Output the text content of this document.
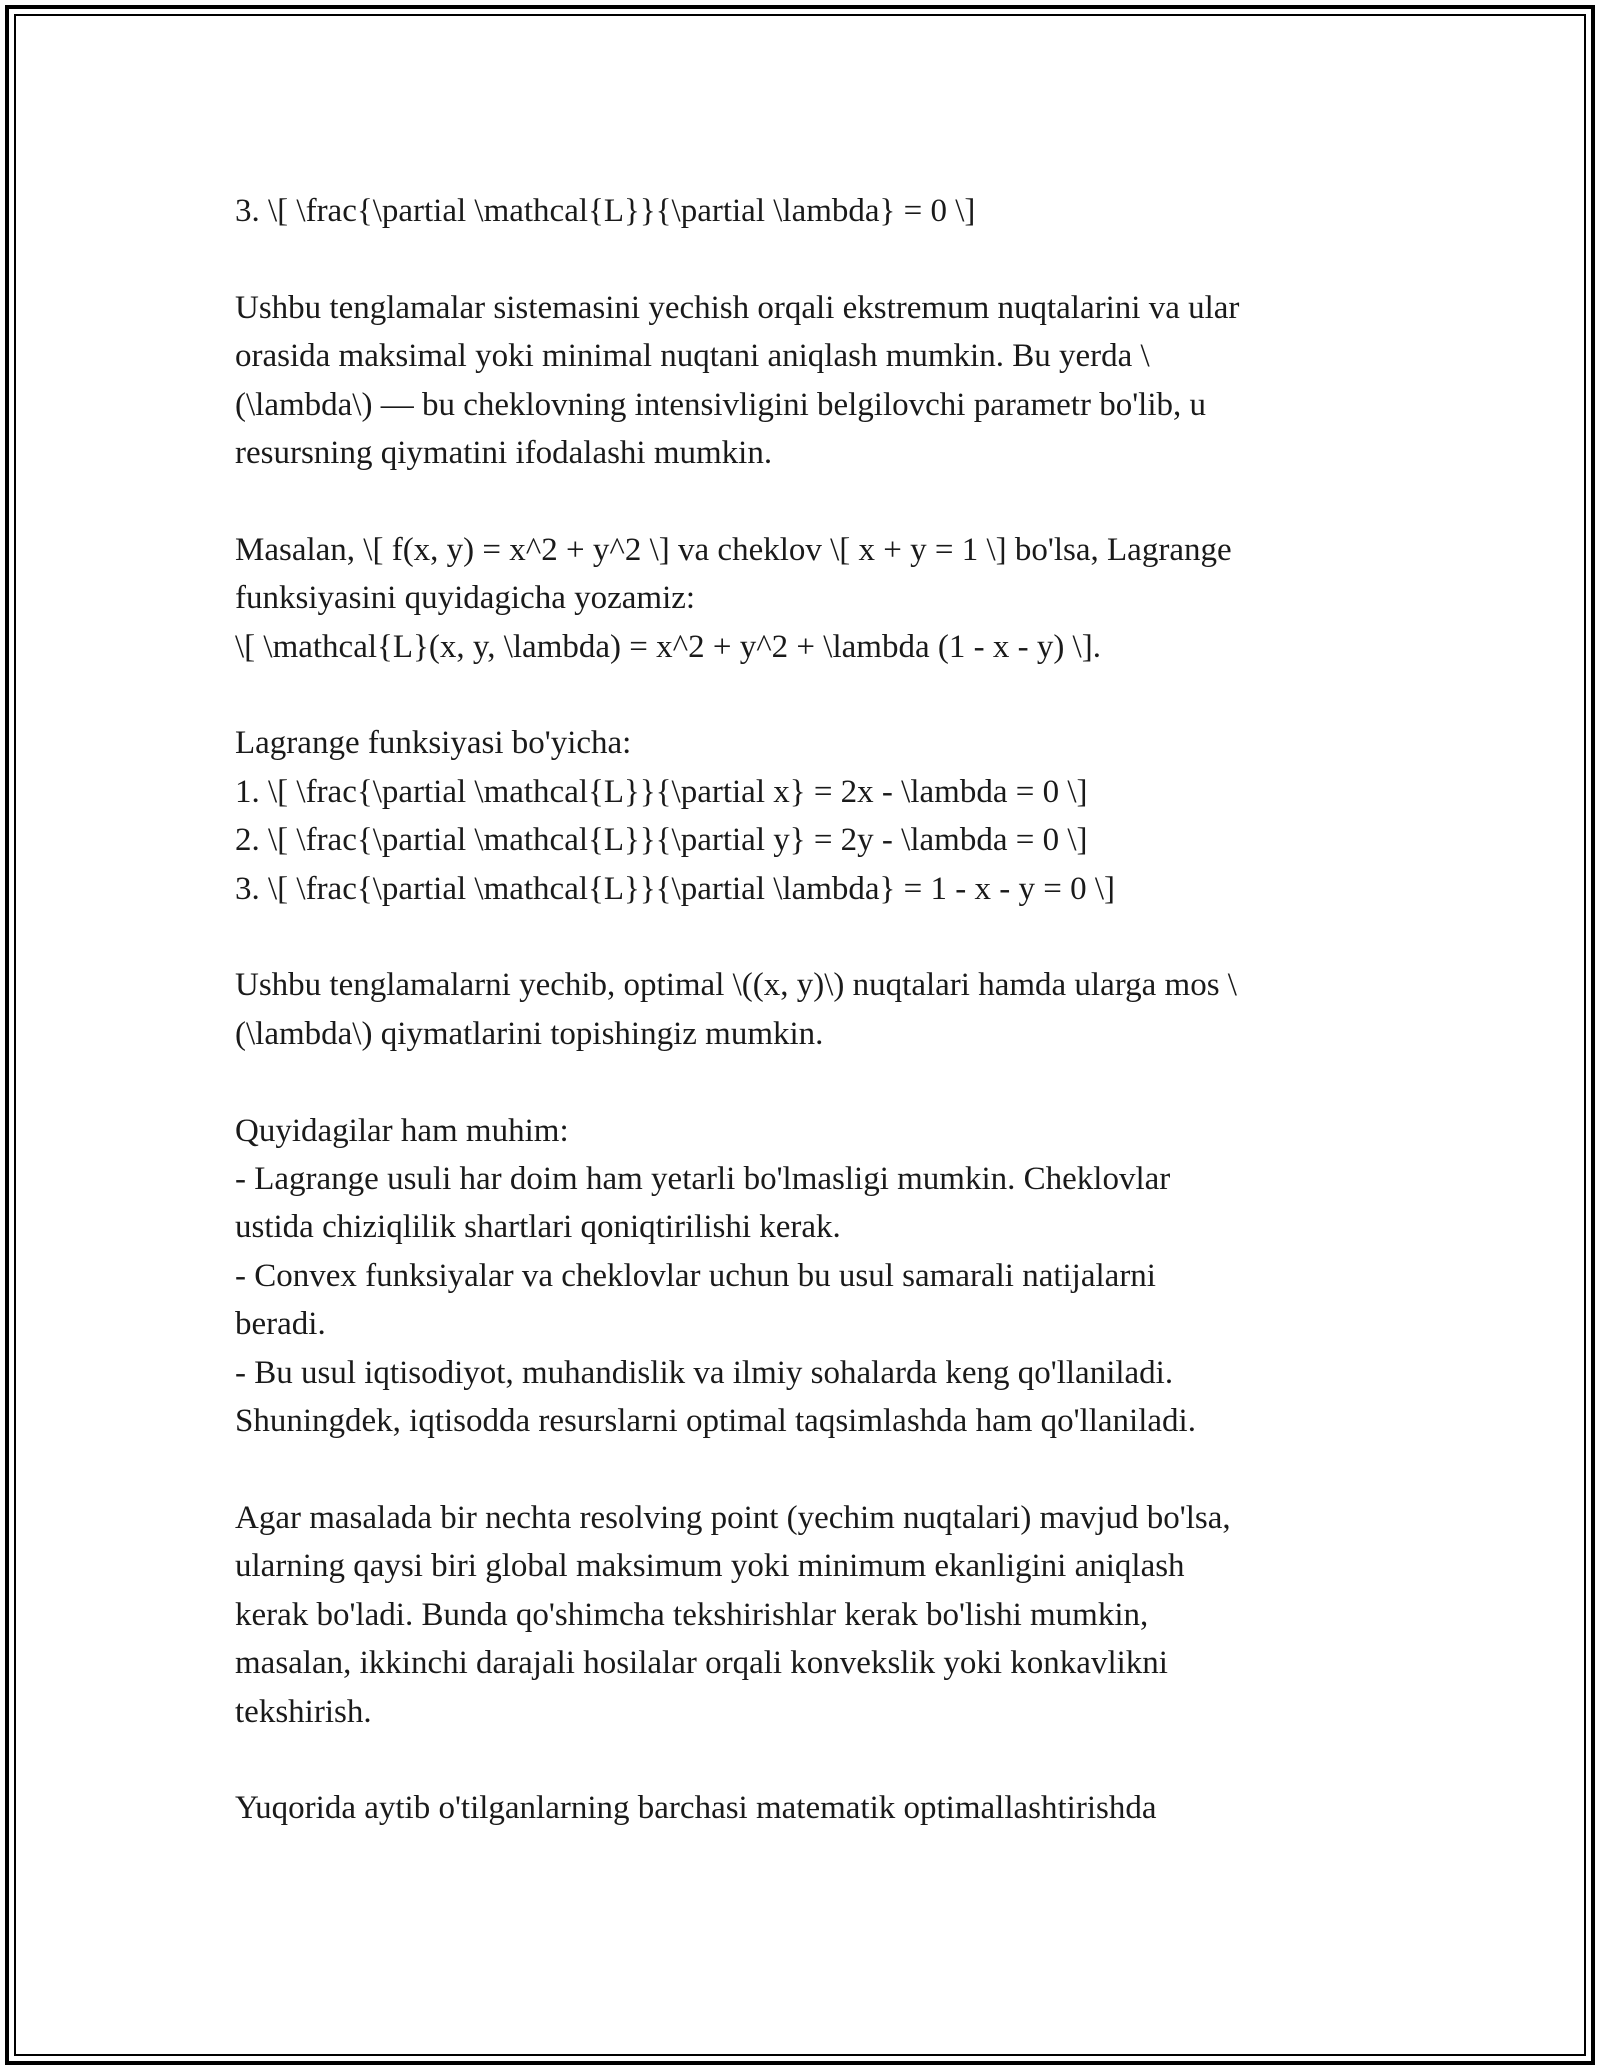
3. \[ \frac{\partial \mathcal{L}}{\partial \lambda} = 0 \]

Ushbu tenglamalar sistemasini yechish orqali ekstremum nuqtalarini va ular

orasida maksimal yoki minimal nuqtani aniqlash mumkin. Bu yerda \

(\lambda\) — bu cheklovning intensivligini belgilovchi parametr bo'lib, u

resursning qiymatini ifodalashi mumkin.

Masalan, \[ f(x, y) = x^2 + y^2 \] va cheklov \[ x + y = 1 \] bo'lsa, Lagrange

funksiyasini quyidagicha yozamiz:

\[ \mathcal{L}(x, y, \lambda) = x^2 + y^2 + \lambda (1 - x - y) \].

Lagrange funksiyasi bo'yicha:

1. \[ \frac{\partial \mathcal{L}}{\partial x} = 2x - \lambda = 0 \]

2. \[ \frac{\partial \mathcal{L}}{\partial y} = 2y - \lambda = 0 \]

3. \[ \frac{\partial \mathcal{L}}{\partial \lambda} = 1 - x - y = 0 \]

Ushbu tenglamalarni yechib, optimal \((x, y)\) nuqtalari hamda ularga mos \

(\lambda\) qiymatlarini topishingiz mumkin.

Quyidagilar ham muhim:

- Lagrange usuli har doim ham yetarli bo'lmasligi mumkin. Cheklovlar

ustida chiziqlilik shartlari qoniqtirilishi kerak.

- Convex funksiyalar va cheklovlar uchun bu usul samarali natijalarni

beradi.

- Bu usul iqtisodiyot, muhandislik va ilmiy sohalarda keng qo'llaniladi.

Shuningdek, iqtisodda resurslarni optimal taqsimlashda ham qo'llaniladi.

Agar masalada bir nechta resolving point (yechim nuqtalari) mavjud bo'lsa,

ularning qaysi biri global maksimum yoki minimum ekanligini aniqlash

kerak bo'ladi. Bunda qo'shimcha tekshirishlar kerak bo'lishi mumkin,

masalan, ikkinchi darajali hosilalar orqali konvekslik yoki konkavlikni

tekshirish.

Yuqorida aytib o'tilganlarning barchasi matematik optimallashtirishda
